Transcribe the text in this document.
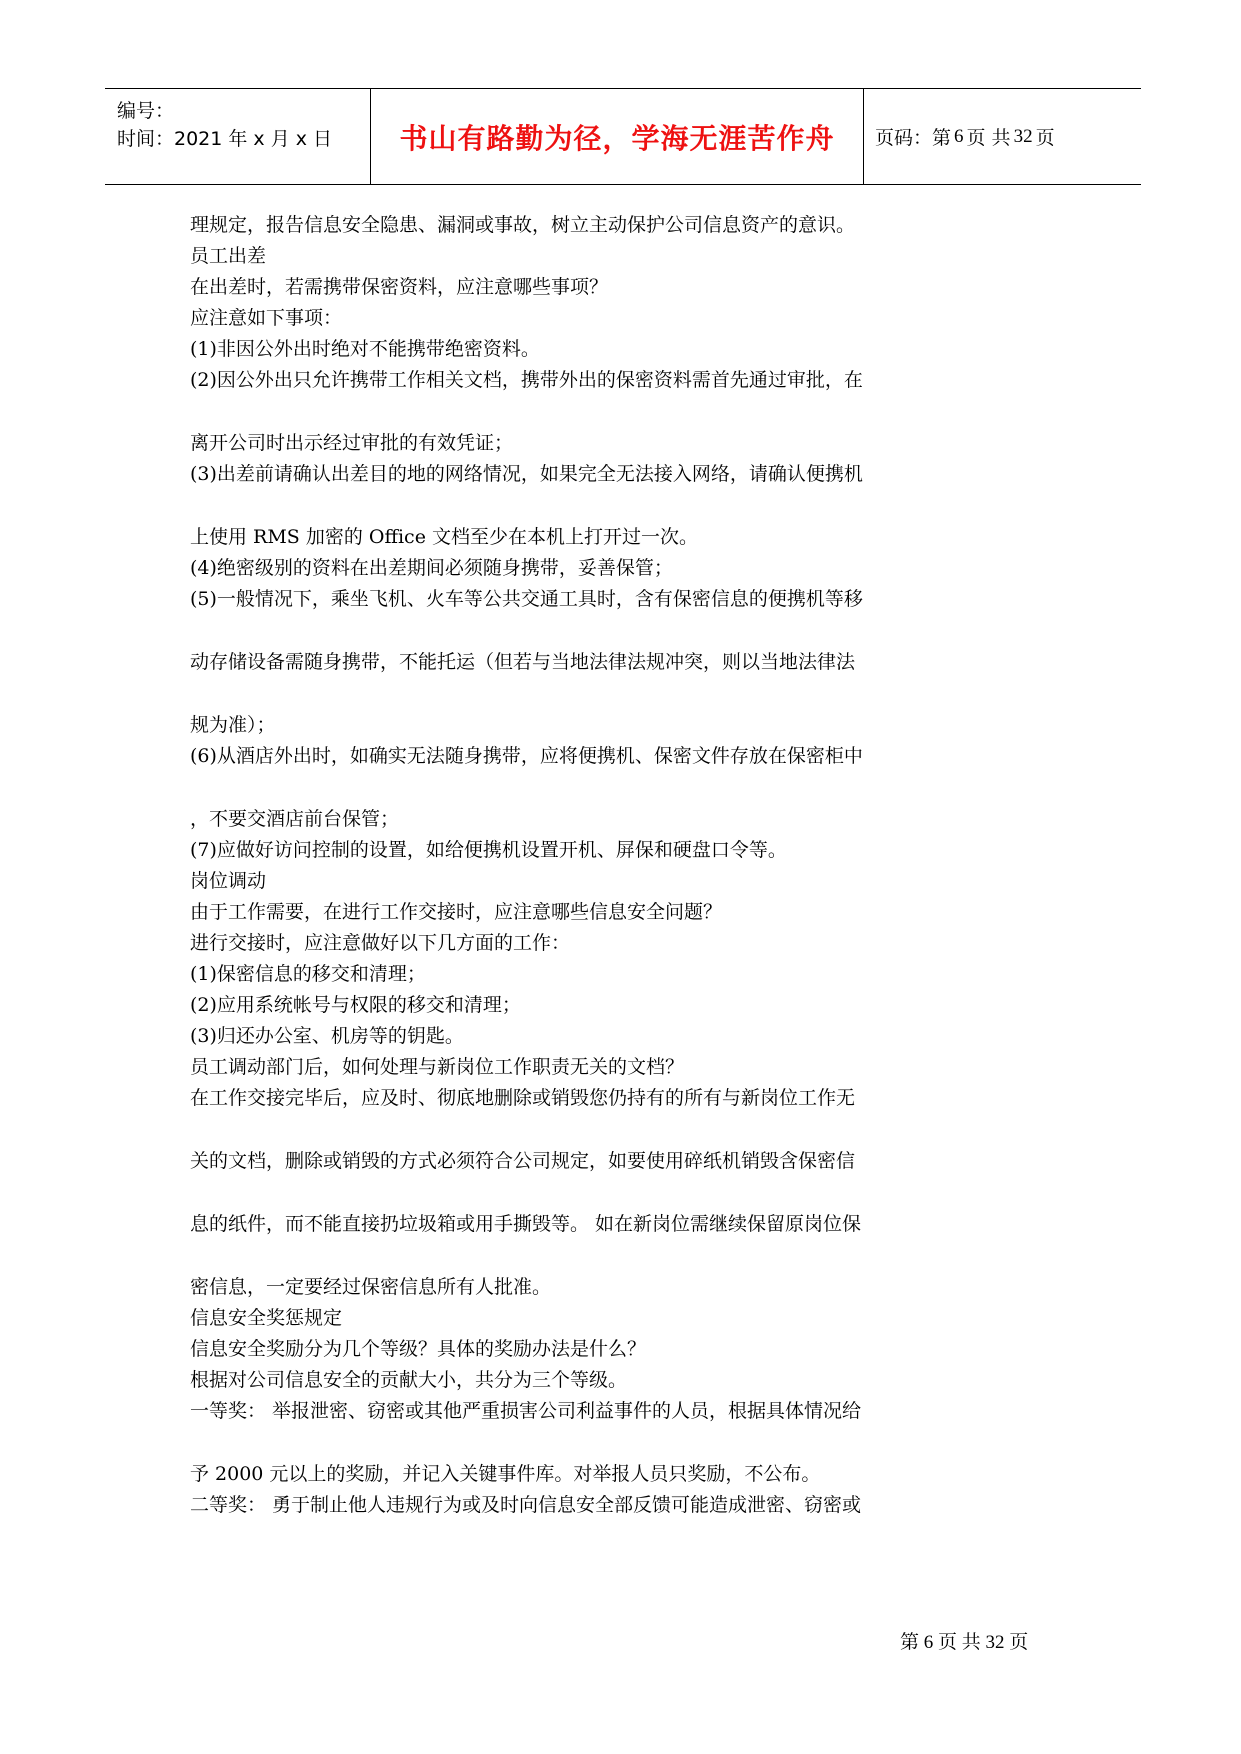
编号：
时间：2021 年 x 月 x 日	书山有路勤为径，学海无涯苦作舟	页码：第 6 页 共 32 页
理规定，报告信息安全隐患、漏洞或事故，树立主动保护公司信息资产的意识。
员工出差
在出差时，若需携带保密资料，应注意哪些事项？
应注意如下事项：
(1)非因公外出时绝对不能携带绝密资料。
(2)因公外出只允许携带工作相关文档，携带外出的保密资料需首先通过审批，在
离开公司时出示经过审批的有效凭证；
(3)出差前请确认出差目的地的网络情况，如果完全无法接入网络，请确认便携机
上使用 RMS 加密的 Office 文档至少在本机上打开过一次。
(4)绝密级别的资料在出差期间必须随身携带，妥善保管；
(5)一般情况下，乘坐飞机、火车等公共交通工具时，含有保密信息的便携机等移
动存储设备需随身携带，不能托运（但若与当地法律法规冲突，则以当地法律法
规为准）；
(6)从酒店外出时，如确实无法随身携带，应将便携机、保密文件存放在保密柜中
，不要交酒店前台保管；
(7)应做好访问控制的设置，如给便携机设置开机、屏保和硬盘口令等。
岗位调动
由于工作需要，在进行工作交接时，应注意哪些信息安全问题？
进行交接时，应注意做好以下几方面的工作：
(1)保密信息的移交和清理；
(2)应用系统帐号与权限的移交和清理；
(3)归还办公室、机房等的钥匙。
员工调动部门后，如何处理与新岗位工作职责无关的文档？
在工作交接完毕后，应及时、彻底地删除或销毁您仍持有的所有与新岗位工作无
关的文档，删除或销毁的方式必须符合公司规定，如要使用碎纸机销毁含保密信
息的纸件，而不能直接扔垃圾箱或用手撕毁等。 如在新岗位需继续保留原岗位保
密信息，一定要经过保密信息所有人批准。
信息安全奖惩规定
信息安全奖励分为几个等级？具体的奖励办法是什么？
根据对公司信息安全的贡献大小，共分为三个等级。
一等奖： 举报泄密、窃密或其他严重损害公司利益事件的人员，根据具体情况给
予 2000 元以上的奖励，并记入关键事件库。对举报人员只奖励，不公布。
二等奖： 勇于制止他人违规行为或及时向信息安全部反馈可能造成泄密、窃密或
第 6 页 共 32 页
